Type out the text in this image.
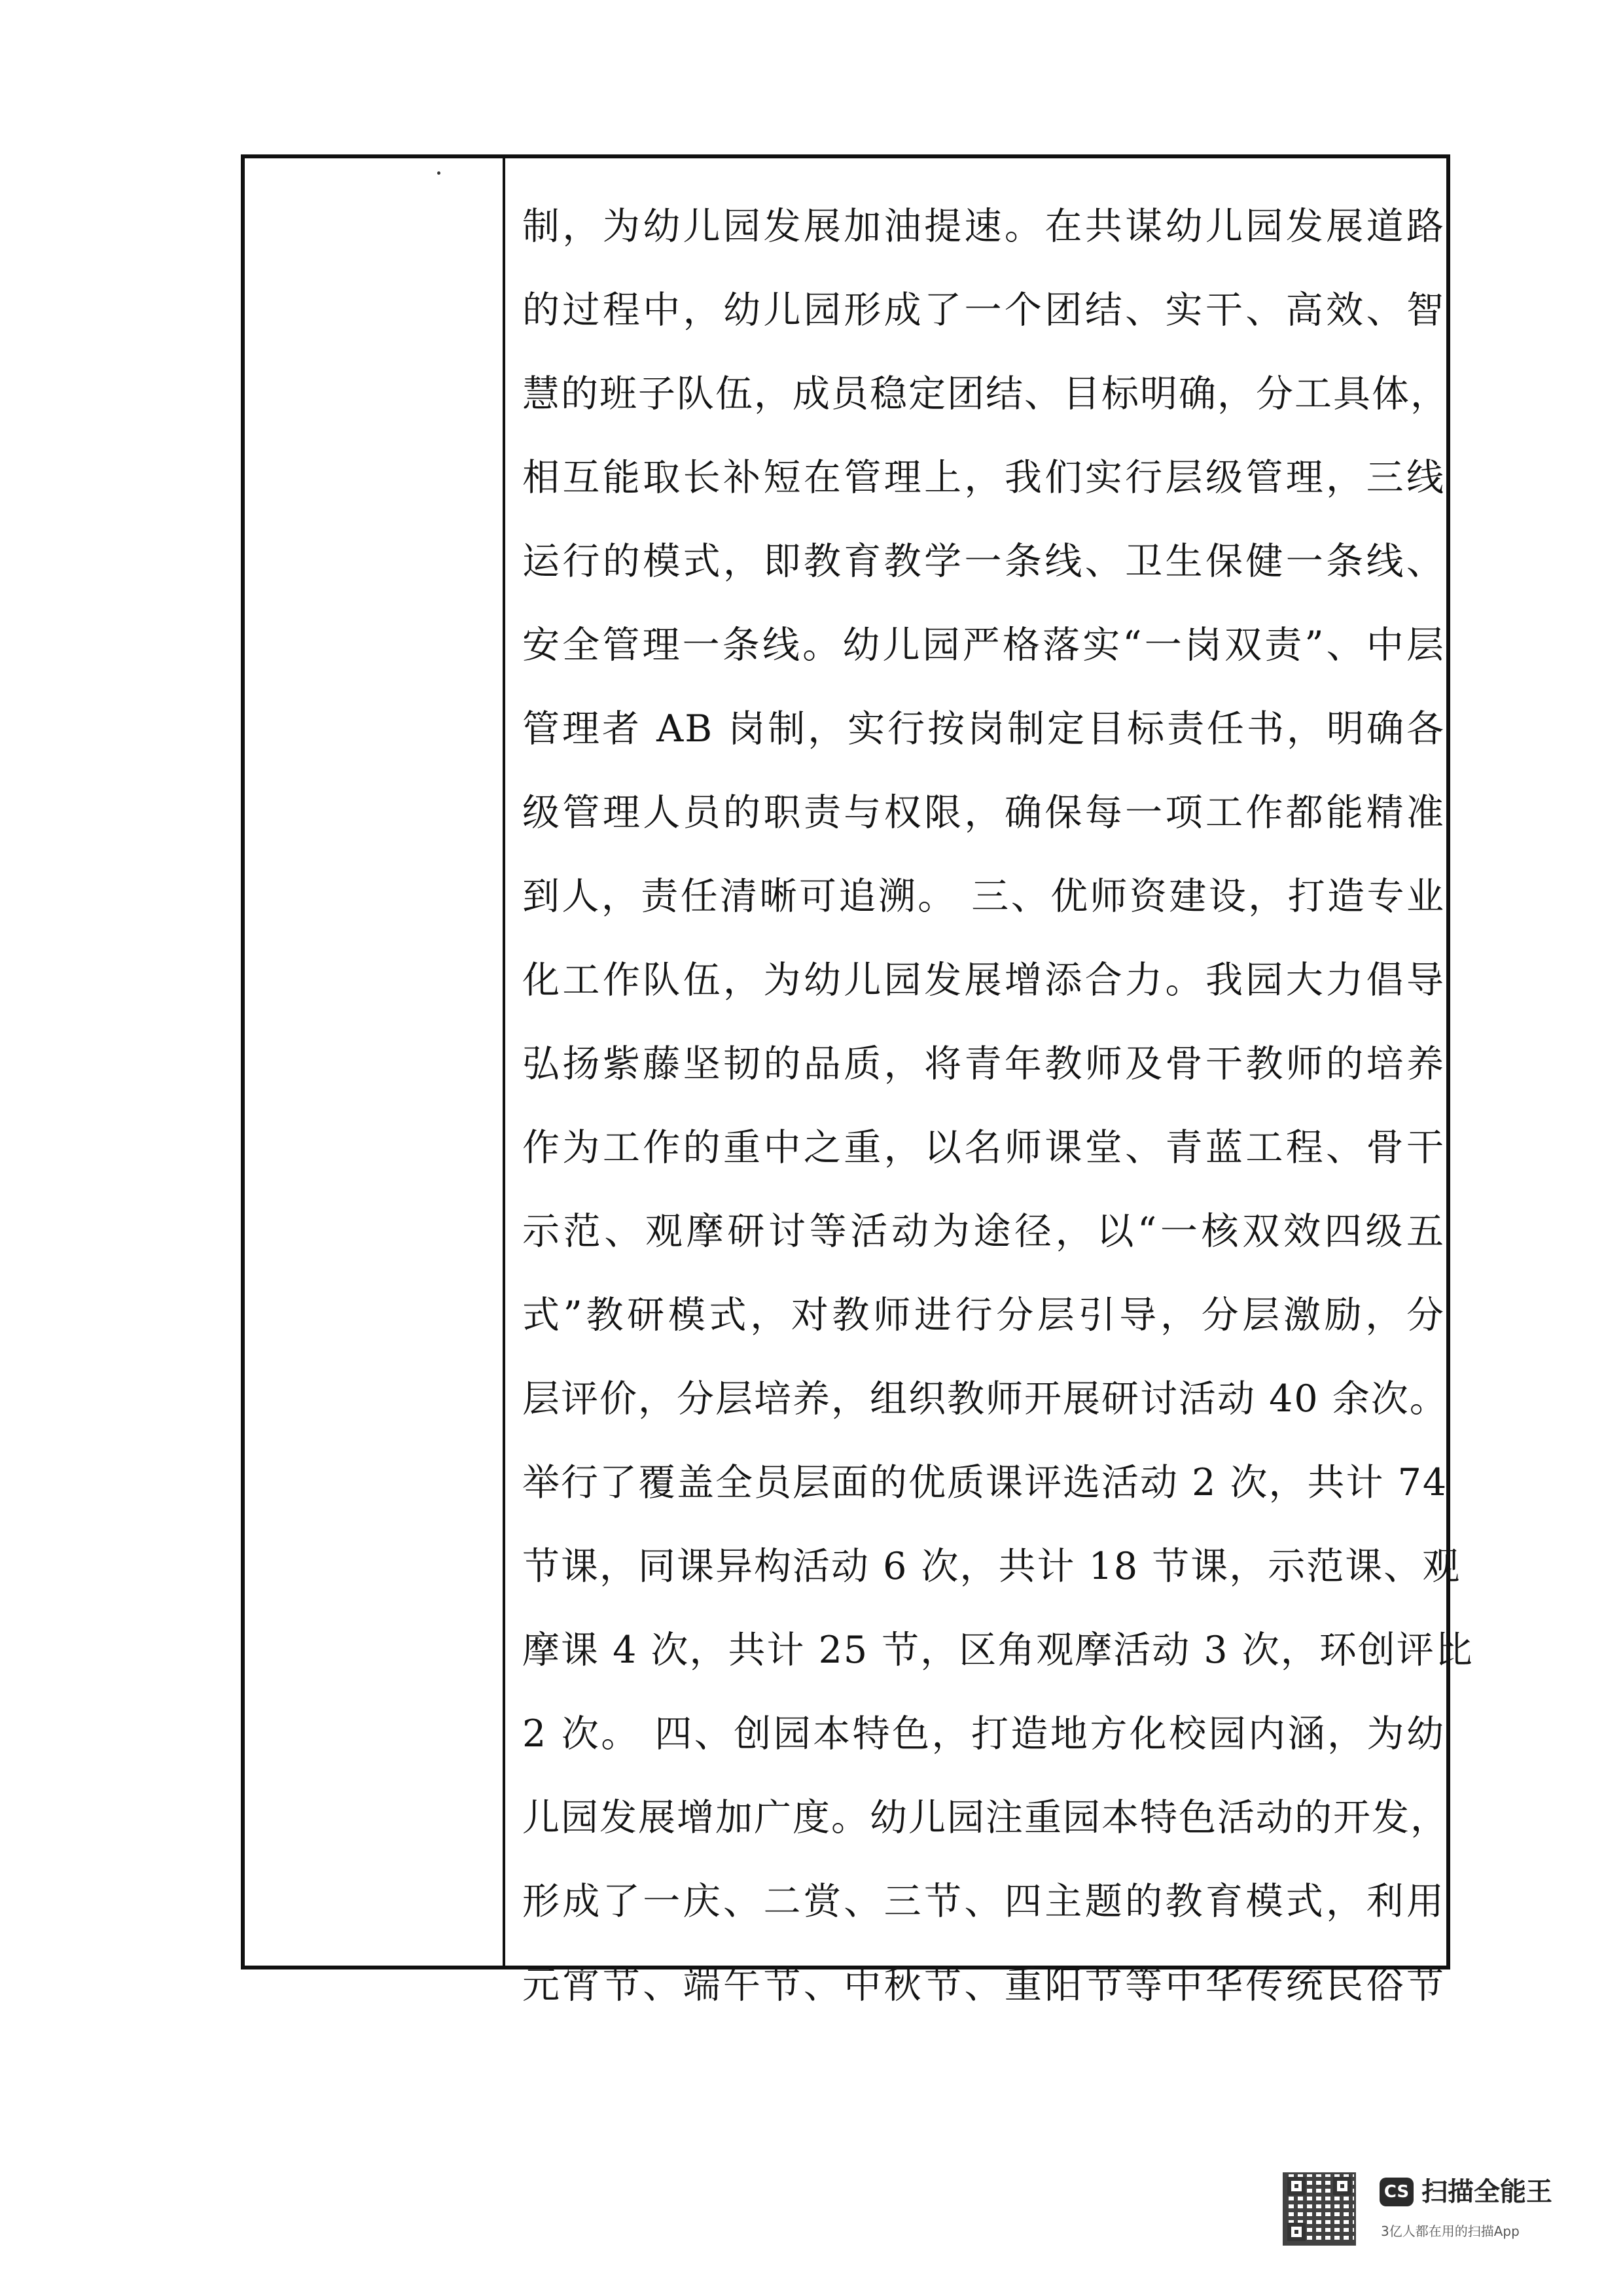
制，为幼儿园发展加油提速。在共谋幼儿园发展道路
的过程中，幼儿园形成了一个团结、实干、高效、智
慧的班子队伍，成员稳定团结、目标明确，分工具体，
相互能取长补短在管理上，我们实行层级管理，三线
运行的模式，即教育教学一条线、卫生保健一条线、
安全管理一条线。幼儿园严格落实“一岗双责”、中层
管理者 AB 岗制，实行按岗制定目标责任书，明确各
级管理人员的职责与权限，确保每一项工作都能精准
到人，责任清晰可追溯。 三、优师资建设，打造专业
化工作队伍，为幼儿园发展增添合力。我园大力倡导
弘扬紫藤坚韧的品质，将青年教师及骨干教师的培养
作为工作的重中之重，以名师课堂、青蓝工程、骨干
示范、观摩研讨等活动为途径，以“一核双效四级五
式”教研模式，对教师进行分层引导，分层激励，分
层评价，分层培养，组织教师开展研讨活动 40 余次。
举行了覆盖全员层面的优质课评选活动 2 次，共计 74
节课，同课异构活动 6 次，共计 18 节课，示范课、观
摩课 4 次，共计 25 节，区角观摩活动 3 次，环创评比
2 次。 四、创园本特色，打造地方化校园内涵，为幼
儿园发展增加广度。幼儿园注重园本特色活动的开发，
形成了一庆、二赏、三节、四主题的教育模式，利用
元宵节、端午节、中秋节、重阳节等中华传统民俗节
CS 扫描全能王
3亿人都在用的扫描App
